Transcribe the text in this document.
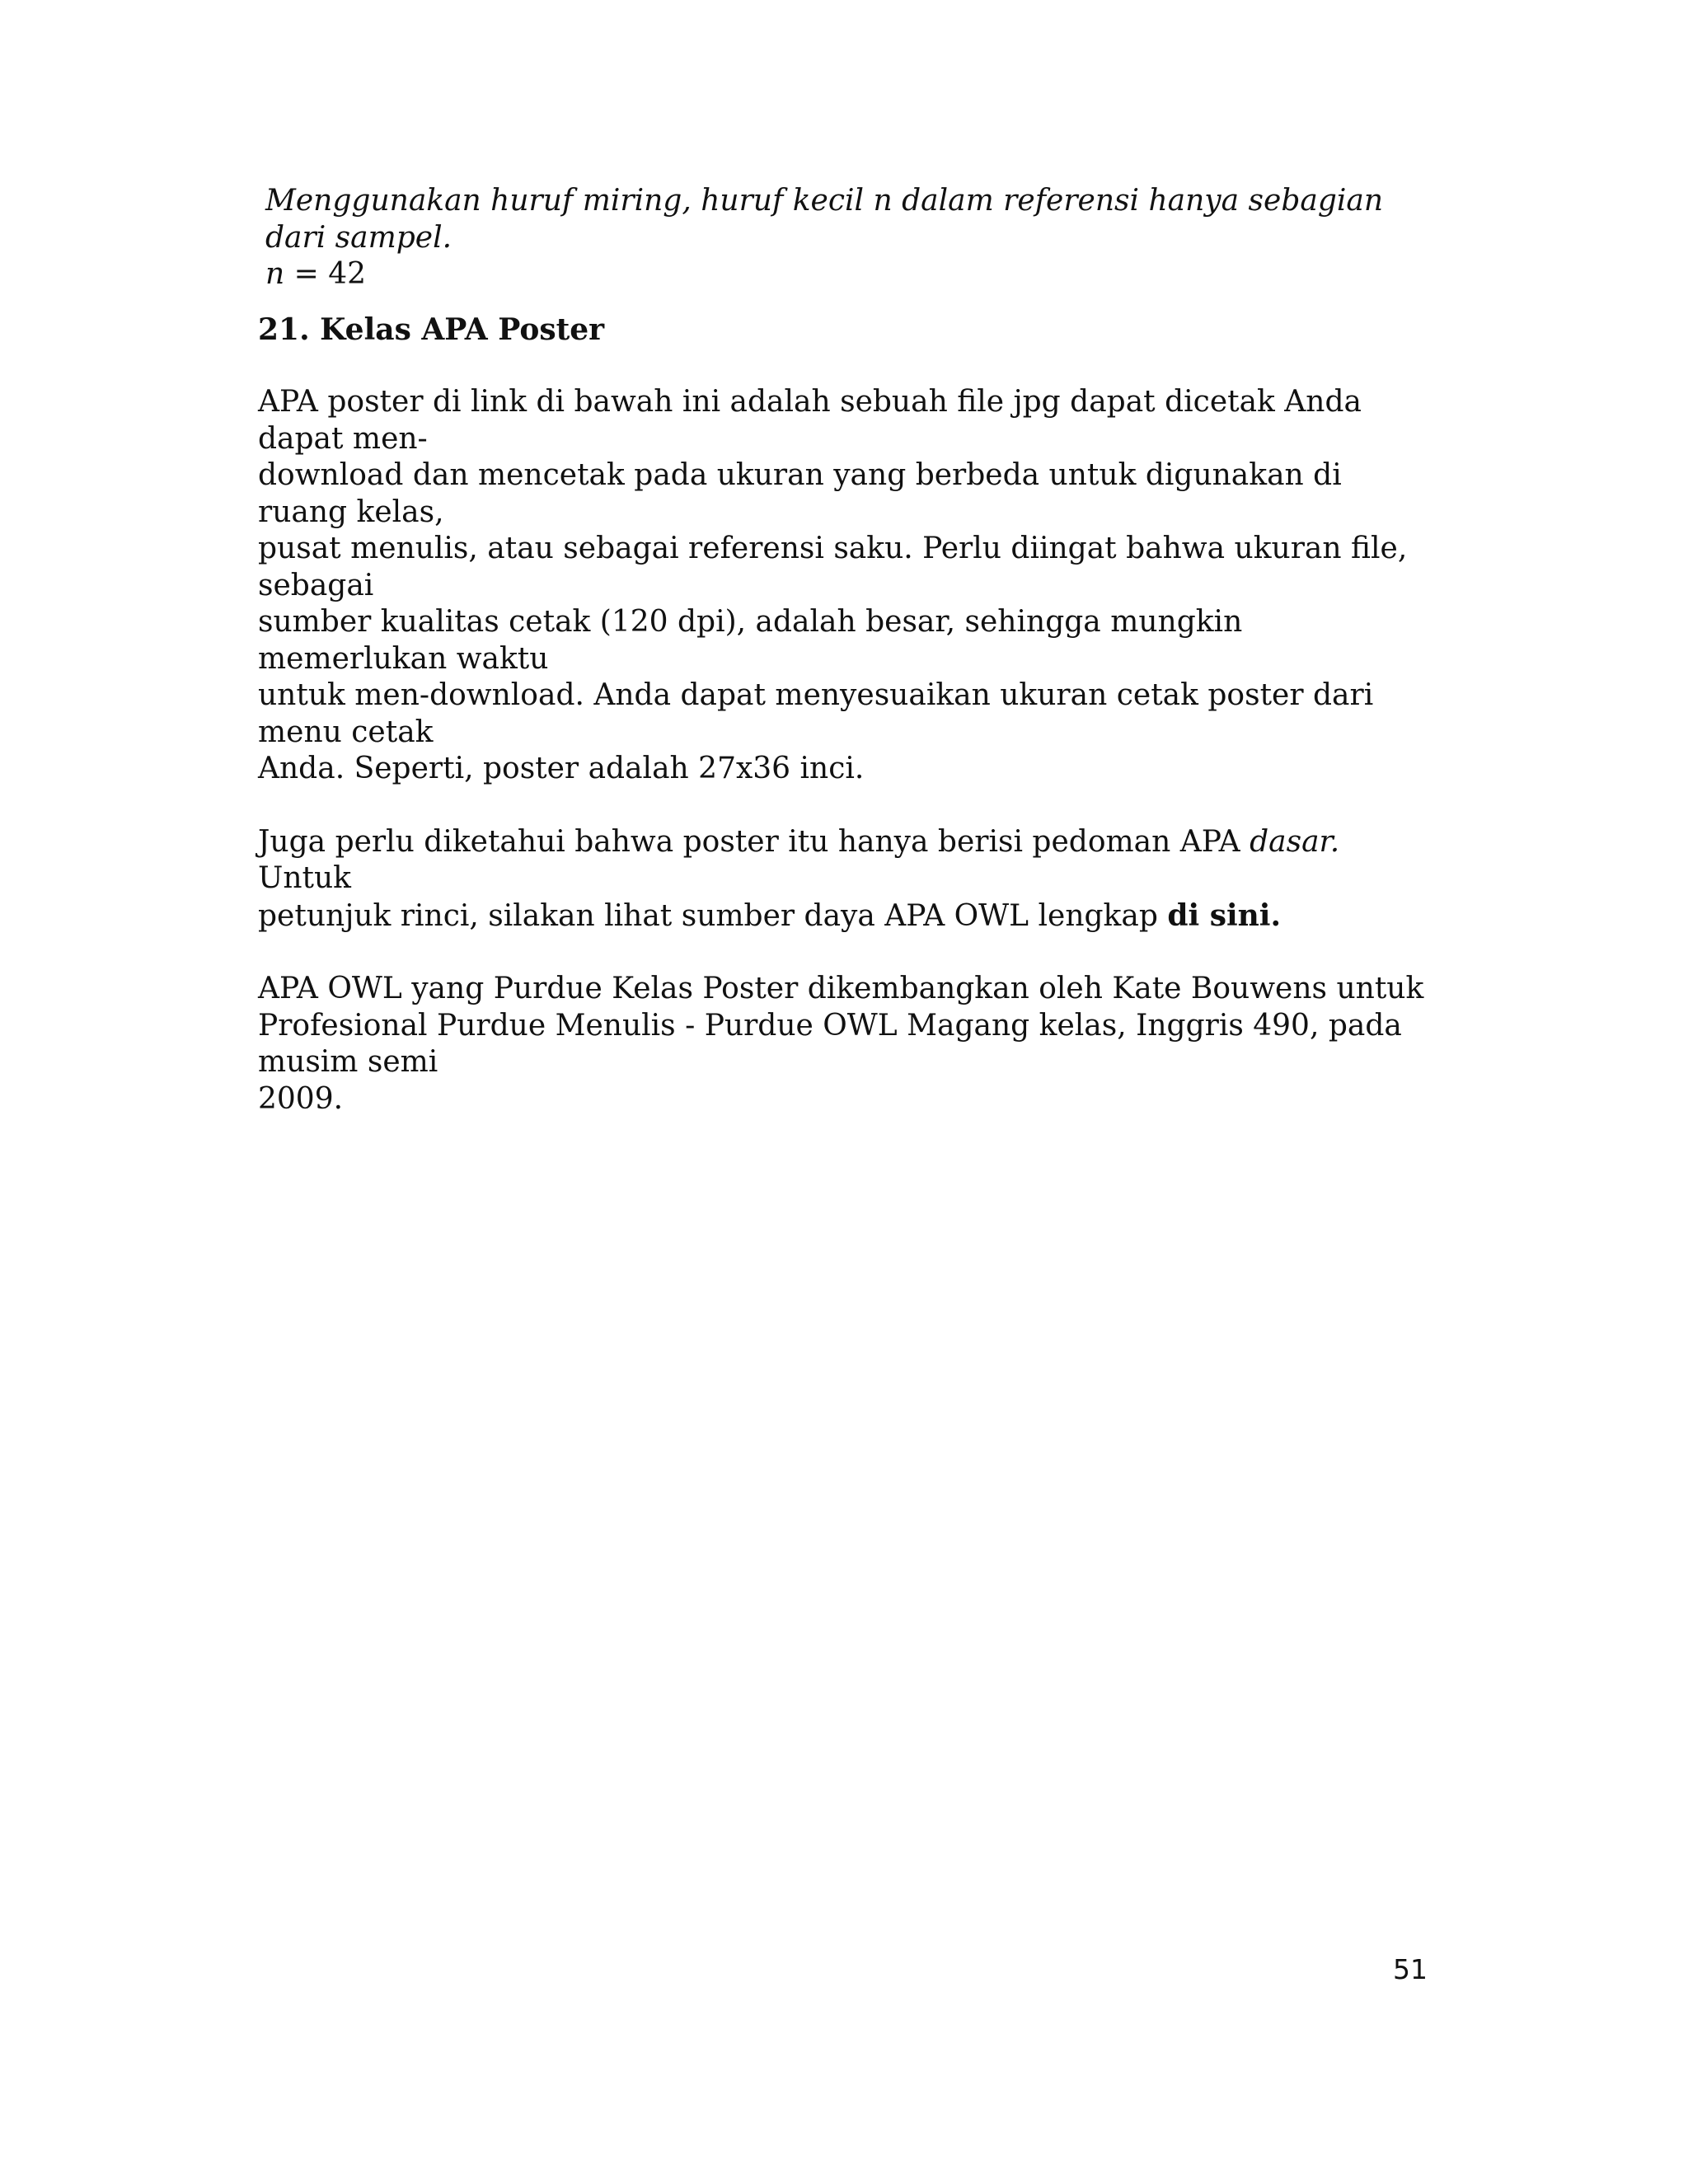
Menggunakan huruf miring, huruf kecil n dalam referensi hanya sebagian dari sampel.

n = 42

21. Kelas APA Poster

APA poster di link di bawah ini adalah sebuah file jpg dapat dicetak Anda dapat men-
download dan mencetak pada ukuran yang berbeda untuk digunakan di ruang kelas,
pusat menulis, atau sebagai referensi saku. Perlu diingat bahwa ukuran file, sebagai
sumber kualitas cetak (120 dpi), adalah besar, sehingga mungkin memerlukan waktu
untuk men-download. Anda dapat menyesuaikan ukuran cetak poster dari menu cetak
Anda. Seperti, poster adalah 27x36 inci.

Juga perlu diketahui bahwa poster itu hanya berisi pedoman APA dasar. Untuk
petunjuk rinci, silakan lihat sumber daya APA OWL lengkap di sini.

APA OWL yang Purdue Kelas Poster dikembangkan oleh Kate Bouwens untuk
Profesional Purdue Menulis - Purdue OWL Magang kelas, Inggris 490, pada musim semi
2009.

51
